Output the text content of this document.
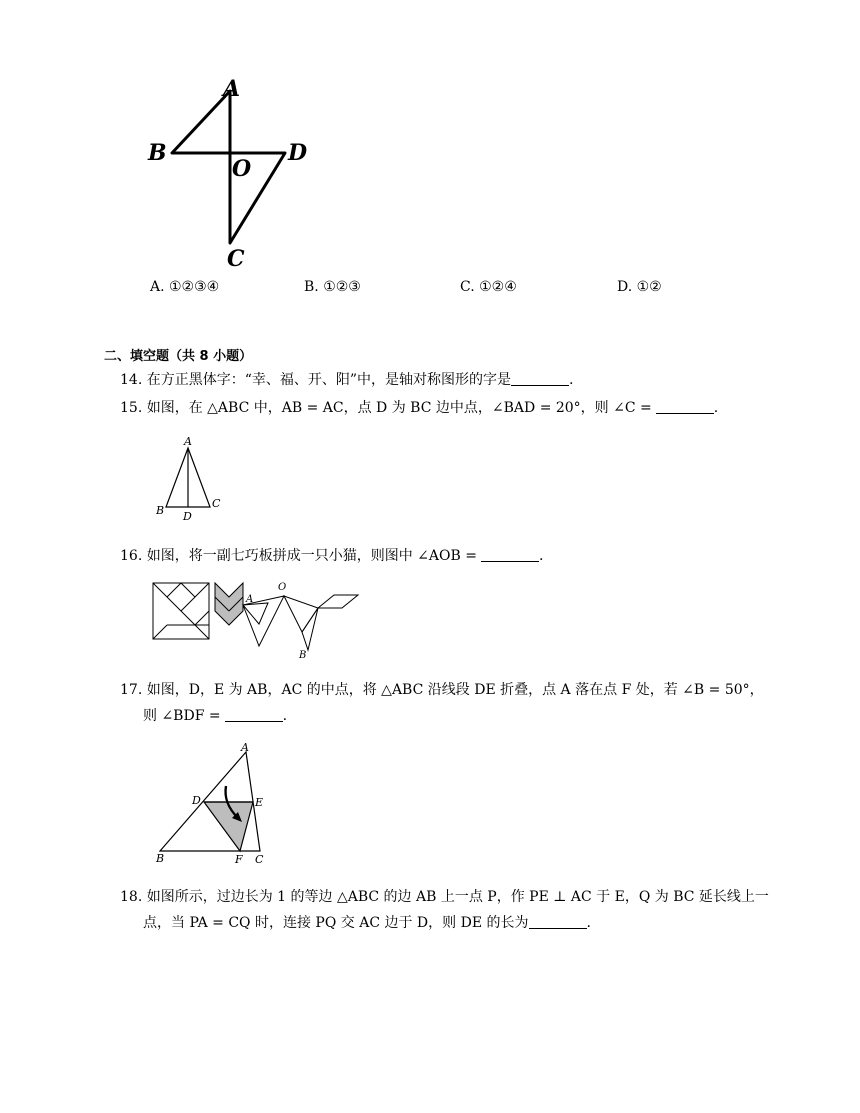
A
B	D
O
C
A. ①②③④	B. ①②③	C. ①②④	D. ①②
二、填空题（共 8 小题）
14. 在方正黑体字：“幸、福、开、阳”中，是轴对称图形的字是	.
15. 如图，在 △ABC 中，AB = AC，点 D 为 BC 边中点，∠BAD = 20°，则 ∠C =	.
A
B
C
D
16. 如图，将一副七巧板拼成一只小猫，则图中 ∠AOB =	.
A
O
B
17. 如图，D，E 为 AB，AC 的中点，将 △ABC 沿线段 DE 折叠，点 A 落在点 F 处，若 ∠B = 50°，
则 ∠BDF =	.
A
D	E
B	F C
18. 如图所示，过边长为 1 的等边 △ABC 的边 AB 上一点 P，作 PE ⊥ AC 于 E，Q 为 BC 延长线上一
点，当 PA = CQ 时，连接 PQ 交 AC 边于 D，则 DE 的长为	.
